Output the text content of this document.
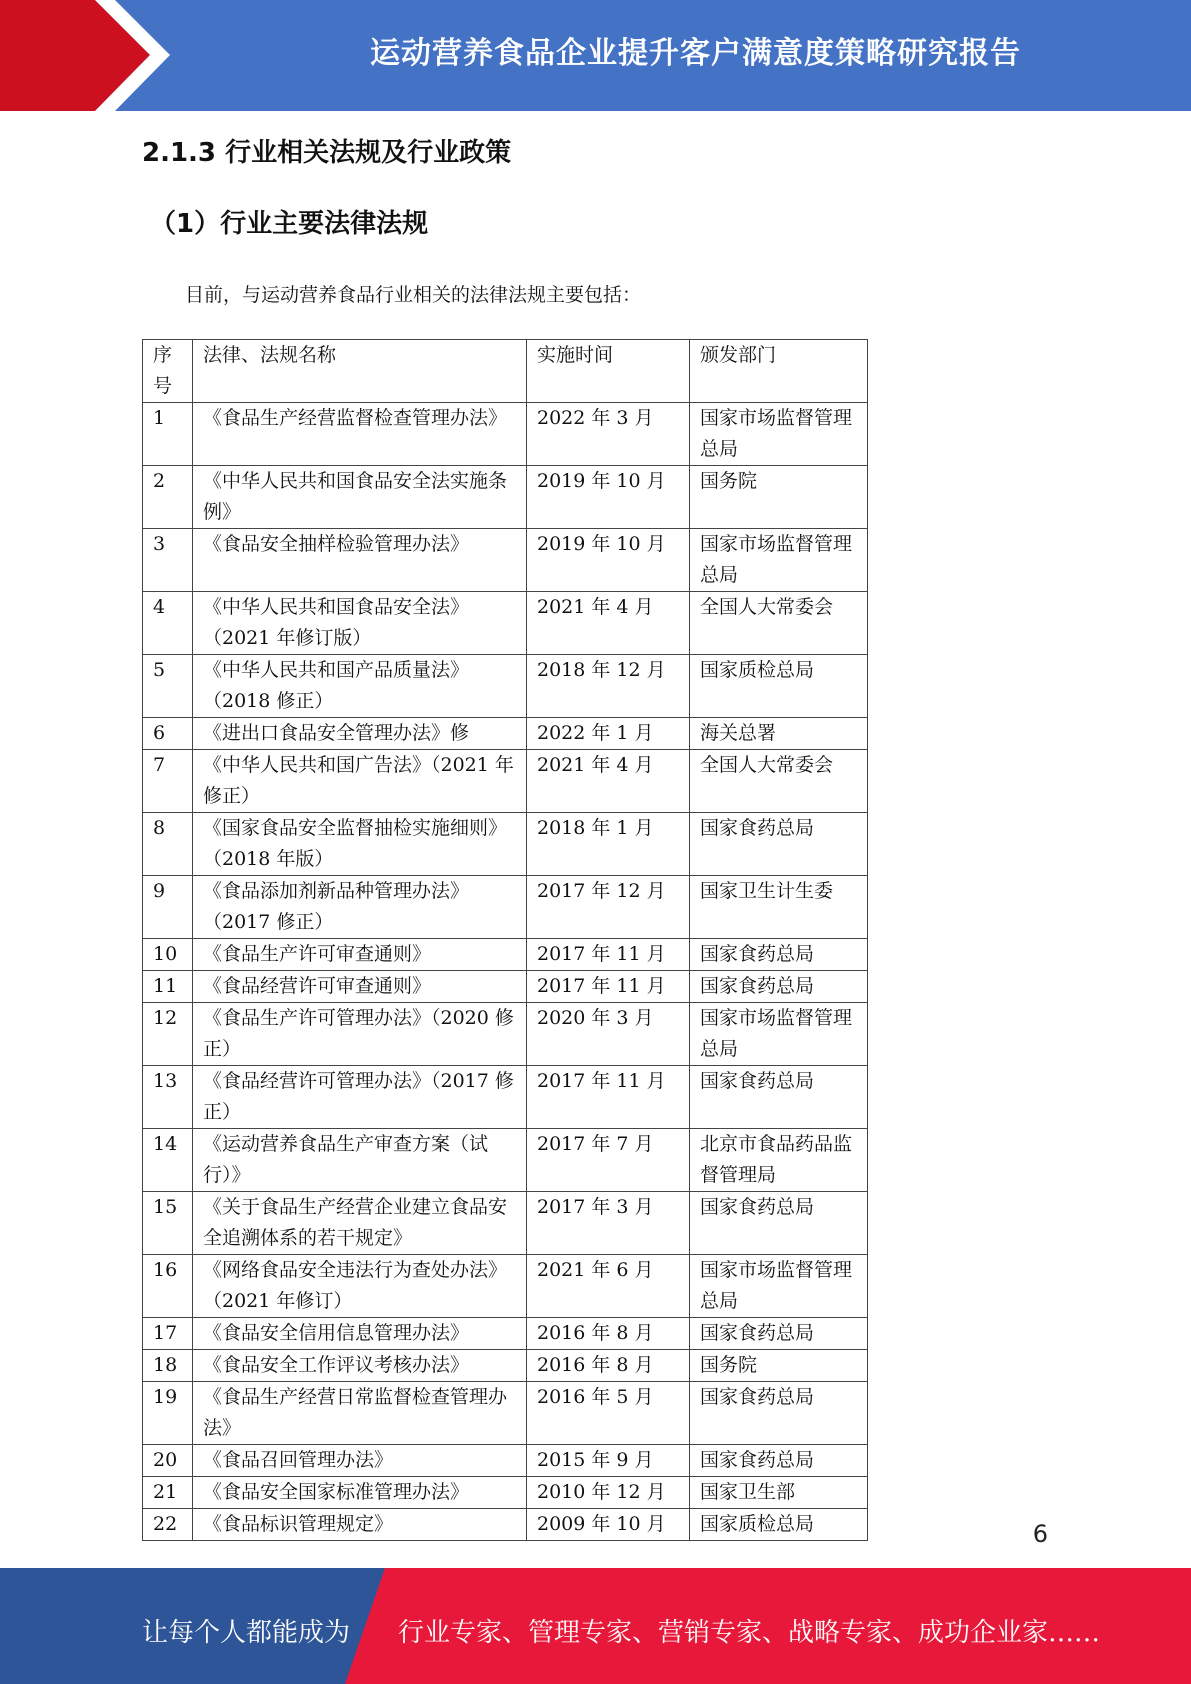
运动营养食品企业提升客户满意度策略研究报告
2.1.3 行业相关法规及行业政策
（1）行业主要法律法规
目前，与运动营养食品行业相关的法律法规主要包括：
序号	法律、法规名称	实施时间	颁发部门
1	《食品生产经营监督检查管理办法》	2022 年 3 月	国家市场监督管理总局
2	《中华人民共和国食品安全法实施条例》	2019 年 10 月	国务院
3	《食品安全抽样检验管理办法》	2019 年 10 月	国家市场监督管理总局
4	《中华人民共和国食品安全法》（2021 年修订版）	2021 年 4 月	全国人大常委会
5	《中华人民共和国产品质量法》（2018 修正）	2018 年 12 月	国家质检总局
6	《进出口食品安全管理办法》修	2022 年 1 月	海关总署
7	《中华人民共和国广告法》（2021 年修正）	2021 年 4 月	全国人大常委会
8	《国家食品安全监督抽检实施细则》 （2018 年版）	2018 年 1 月	国家食药总局
9	《食品添加剂新品种管理办法》（2017 修正）	2017 年 12 月	国家卫生计生委
10	《食品生产许可审查通则》	2017 年 11 月	国家食药总局
11	《食品经营许可审查通则》	2017 年 11 月	国家食药总局
12	《食品生产许可管理办法》（2020 修正）	2020 年 3 月	国家市场监督管理总局
13	《食品经营许可管理办法》（2017 修正）	2017 年 11 月	国家食药总局
14	《运动营养食品生产审查方案（试行）》	2017 年 7 月	北京市食品药品监督管理局
15	《关于食品生产经营企业建立食品安全追溯体系的若干规定》	2017 年 3 月	国家食药总局
16	《网络食品安全违法行为查处办法》 （2021 年修订）	2021 年 6 月	国家市场监督管理总局
17	《食品安全信用信息管理办法》	2016 年 8 月	国家食药总局
18	《食品安全工作评议考核办法》	2016 年 8 月	国务院
19	《食品生产经营日常监督检查管理办法》	2016 年 5 月	国家食药总局
20	《食品召回管理办法》	2015 年 9 月	国家食药总局
21	《食品安全国家标准管理办法》	2010 年 12 月	国家卫生部
22	《食品标识管理规定》	2009 年 10 月	国家质检总局	6
让每个人都能成为 行业专家、管理专家、营销专家、战略专家、成功企业家……
